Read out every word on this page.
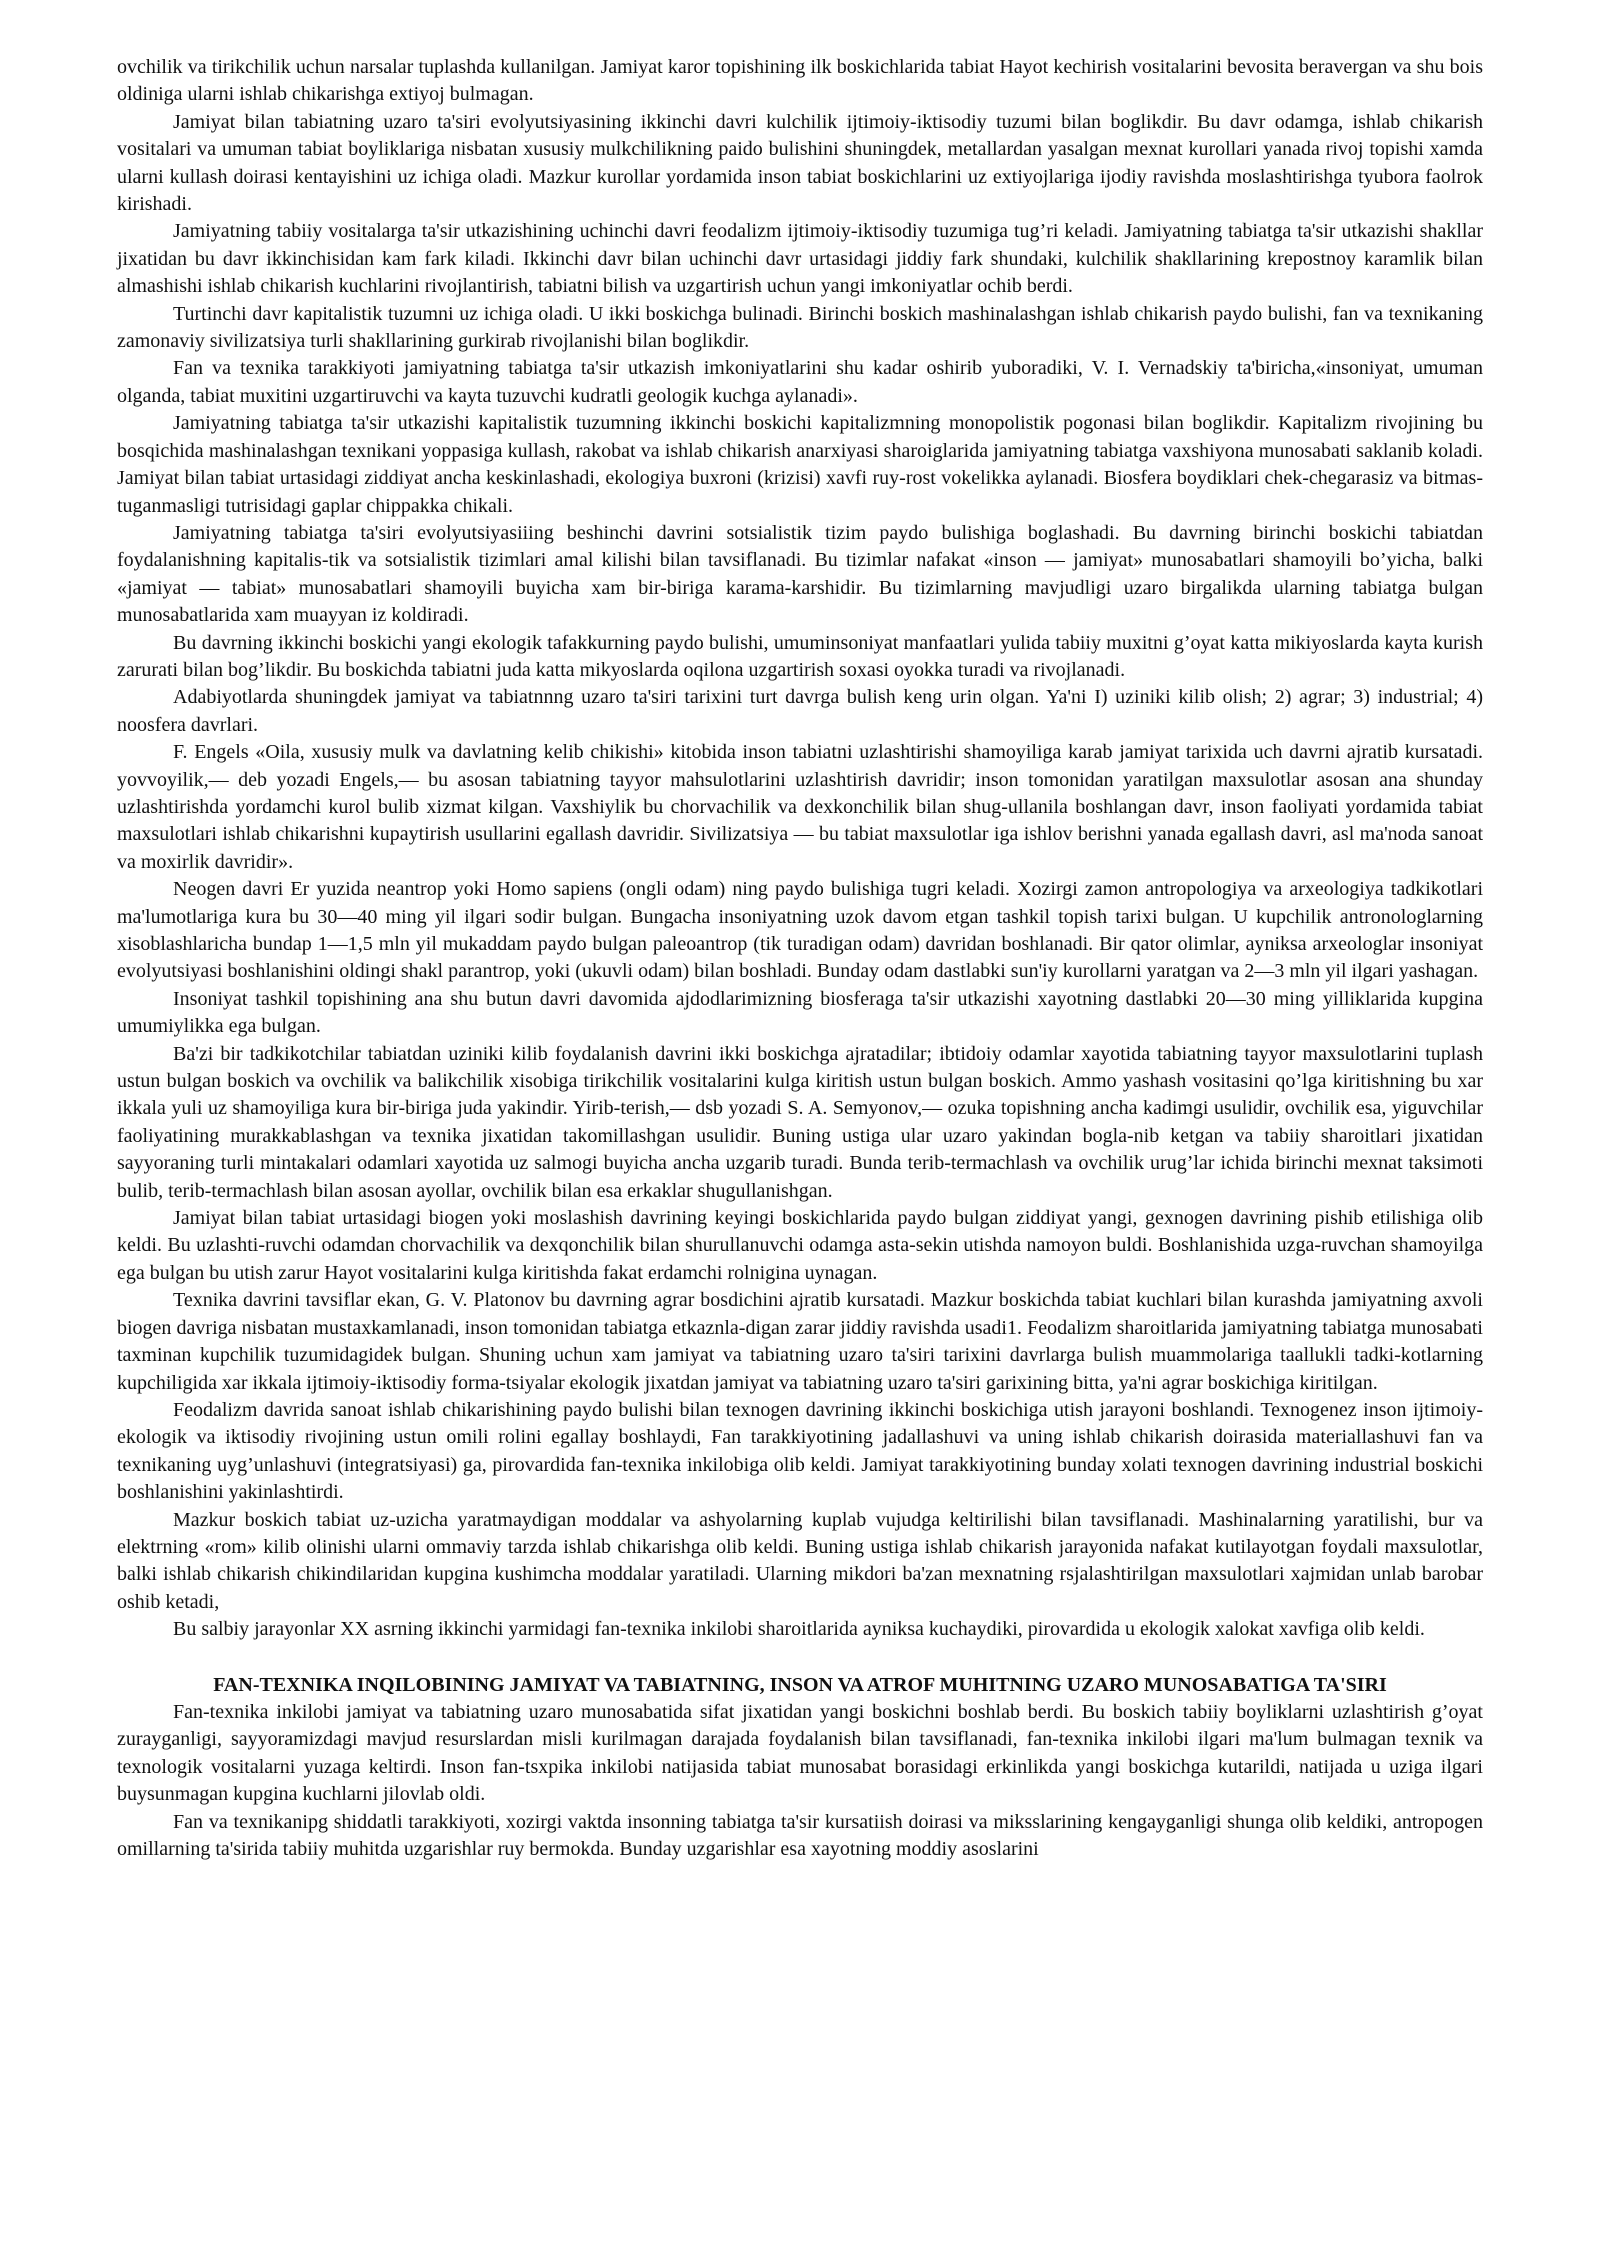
ovchilik va tirikchilik uchun narsalar tuplashda kullanilgan. Jamiyat karor topishining ilk boskichlarida tabiat Hayot kechirish vositalarini bevosita beravergan va shu bois oldiniga ularni ishlab chikarishga extiyoj bulmagan.

Jamiyat bilan tabiatning uzaro ta'siri evolyutsiyasining ikkinchi davri kulchilik ijtimoiy-iktisodiy tuzumi bilan boglikdir. Bu davr odamga, ishlab chikarish vositalari va umuman tabiat boyliklariga nisbatan xususiy mulkchilikning paido bulishini shuningdek, metallardan yasalgan mexnat kurollari yanada rivoj topishi xamda ularni kullash doirasi kentayishini uz ichiga oladi. Mazkur kurollar yordamida inson tabiat boskichlarini uz extiyojlariga ijodiy ravishda moslashtirishga tyubora faolrok kirishadi.

Jamiyatning tabiiy vositalarga ta'sir utkazishining uchinchi davri feodalizm ijtimoiy-iktisodiy tuzumiga tug’ri keladi. Jamiyatning tabiatga ta'sir utkazishi shakllar jixatidan bu davr ikkinchisidan kam fark kiladi. Ikkinchi davr bilan uchinchi davr urtasidagi jiddiy fark shundaki, kulchilik shakllarining krepostnoy karamlik bilan almashishi ishlab chikarish kuchlarini rivojlantirish, tabiatni bilish va uzgartirish uchun yangi imkoniyatlar ochib berdi.

Turtinchi davr kapitalistik tuzumni uz ichiga oladi. U ikki boskichga bulinadi. Birinchi boskich mashinalashgan ishlab chikarish paydo bulishi, fan va texnikaning zamonaviy sivilizatsiya turli shakllarining gurkirab rivojlanishi bilan boglikdir.

Fan va texnika tarakkiyoti jamiyatning tabiatga ta'sir utkazish imkoniyatlarini shu kadar oshirib yuboradiki, V. I. Vernadskiy ta'biricha,«insoniyat, umuman olganda, tabiat muxitini uzgartiruvchi va kayta tuzuvchi kudratli geologik kuchga aylanadi».

Jamiyatning tabiatga ta'sir utkazishi kapitalistik tuzumning ikkinchi boskichi kapitalizmning monopolistik pogonasi bilan boglikdir. Kapitalizm rivojining bu bosqichida mashinalashgan texnikani yoppasiga kullash, rakobat va ishlab chikarish anarxiyasi sharoiglarida jamiyatning tabiatga vaxshiyona munosabati saklanib koladi. Jamiyat bilan tabiat urtasidagi ziddiyat ancha keskinlashadi, ekologiya buxroni (krizisi) xavfi ruy-rost vokelikka aylanadi. Biosfera boydiklari chek-chegarasiz va bitmas-tuganmasligi tutrisidagi gaplar chippakka chikali.

Jamiyatning tabiatga ta'siri evolyutsiyasiiing beshinchi davrini sotsialistik tizim paydo bulishiga boglashadi. Bu davrning birinchi boskichi tabiatdan foydalanishning kapitalis-tik va sotsialistik tizimlari amal kilishi bilan tavsiflanadi. Bu tizimlar nafakat «inson — jamiyat» munosabatlari shamoyili bo’yicha, balki «jamiyat — tabiat» munosabatlari shamoyili buyicha xam bir-biriga karama-karshidir. Bu tizimlarning mavjudligi uzaro birgalikda ularning tabiatga bulgan munosabatlarida xam muayyan iz koldiradi.

Bu davrning ikkinchi boskichi yangi ekologik tafakkurning paydo bulishi, umuminsoniyat manfaatlari yulida tabiiy muxitni g’oyat katta mikiyoslarda kayta kurish zarurati bilan bog’likdir. Bu boskichda tabiatni juda katta mikyoslarda oqilona uzgartirish soxasi oyokka turadi va rivojlanadi.

Adabiyotlarda shuningdek jamiyat va tabiatnnng uzaro ta'siri tarixini turt davrga bulish keng urin olgan. Ya'ni I) uziniki kilib olish; 2) agrar; 3) industrial; 4) noosfera davrlari.

F. Engels «Oila, xususiy mulk va davlatning kelib chikishi» kitobida inson tabiatni uzlashtirishi shamoyiliga karab jamiyat tarixida uch davrni ajratib kursatadi. yovvoyilik,— deb yozadi Engels,— bu asosan tabiatning tayyor mahsulotlarini uzlashtirish davridir; inson tomonidan yaratilgan maxsulotlar asosan ana shunday uzlashtirishda yordamchi kurol bulib xizmat kilgan. Vaxshiylik bu chorvachilik va dexkonchilik bilan shug-ullanila boshlangan davr, inson faoliyati yordamida tabiat maxsulotlari ishlab chikarishni kupaytirish usullarini egallash davridir. Sivilizatsiya — bu tabiat maxsulotlar iga ishlov berishni yanada egallash davri, asl ma'noda sanoat va moxirlik davridir».

Neogen davri Er yuzida neantrop yoki Homo sapiens (ongli odam) ning paydo bulishiga tugri keladi. Xozirgi zamon antropologiya va arxeologiya tadkikotlari ma'lumotlariga kura bu 30—40 ming yil ilgari sodir bulgan. Bungacha insoniyatning uzok davom etgan tashkil topish tarixi bulgan. U kupchilik antronologlarning xisoblashlaricha bundap 1—1,5 mln yil mukaddam paydo bulgan paleoantrop (tik turadigan odam) davridan boshlanadi. Bir qator olimlar, ayniksa arxeologlar insoniyat evolyutsiyasi boshlanishini oldingi shakl parantrop, yoki (ukuvli odam) bilan boshladi. Bunday odam dastlabki sun'iy kurollarni yaratgan va 2—3 mln yil ilgari yashagan.

Insoniyat tashkil topishining ana shu butun davri davomida ajdodlarimizning biosferaga ta'sir utkazishi xayotning dastlabki 20—30 ming yilliklarida kupgina umumiylikka ega bulgan.

Ba'zi bir tadkikotchilar tabiatdan uziniki kilib foydalanish davrini ikki boskichga ajratadilar; ibtidoiy odamlar xayotida tabiatning tayyor maxsulotlarini tuplash ustun bulgan boskich va ovchilik va balikchilik xisobiga tirikchilik vositalarini kulga kiritish ustun bulgan boskich. Ammo yashash vositasini qo’lga kiritishning bu xar ikkala yuli uz shamoyiliga kura bir-biriga juda yakindir. Yirib-terish,— dsb yozadi S. A. Semyonov,— ozuka topishning ancha kadimgi usulidir, ovchilik esa, yiguvchilar faoliyatining murakkablashgan va texnika jixatidan takomillashgan usulidir. Buning ustiga ular uzaro yakindan bogla-nib ketgan va tabiiy sharoitlari jixatidan sayyoraning turli mintakalari odamlari xayotida uz salmogi buyicha ancha uzgarib turadi. Bunda terib-termachlash va ovchilik urug’lar ichida birinchi mexnat taksimoti bulib, terib-termachlash bilan asosan ayollar, ovchilik bilan esa erkaklar shugullanishgan.

Jamiyat bilan tabiat urtasidagi biogen yoki moslashish davrining keyingi boskichlarida paydo bulgan ziddiyat yangi, gexnogen davrining pishib etilishiga olib keldi. Bu uzlashti-ruvchi odamdan chorvachilik va dexqonchilik bilan shurullanuvchi odamga asta-sekin utishda namoyon buldi. Boshlanishida uzga-ruvchan shamoyilga ega bulgan bu utish zarur Hayot vositalarini kulga kiritishda fakat erdamchi rolnigina uynagan.

Texnika davrini tavsiflar ekan, G. V. Platonov bu davrning agrar bosdichini ajratib kursatadi. Mazkur boskichda tabiat kuchlari bilan kurashda jamiyatning axvoli biogen davriga nisbatan mustaxkamlanadi, inson tomonidan tabiatga etkaznla-digan zarar jiddiy ravishda usadi1. Feodalizm sharoitlarida jamiyatning tabiatga munosabati taxminan kupchilik tuzumidagidek bulgan. Shuning uchun xam jamiyat va tabiatning uzaro ta'siri tarixini davrlarga bulish muammolariga taallukli tadki-kotlarning kupchiligida xar ikkala ijtimoiy-iktisodiy forma-tsiyalar ekologik jixatdan jamiyat va tabiatning uzaro ta'siri garixining bitta, ya'ni agrar boskichiga kiritilgan.

Feodalizm davrida sanoat ishlab chikarishining paydo bulishi bilan texnogen davrining ikkinchi boskichiga utish jarayoni boshlandi. Texnogenez inson ijtimoiy-ekologik va iktisodiy rivojining ustun omili rolini egallay boshlaydi, Fan tarakkiyotining jadallashuvi va uning ishlab chikarish doirasida materiallashuvi fan va texnikaning uyg’unlashuvi (integratsiyasi) ga, pirovardida fan-texnika inkilobiga olib keldi. Jamiyat tarakkiyotining bunday xolati texnogen davrining industrial boskichi boshlanishini yakinlashtirdi.

Mazkur boskich tabiat uz-uzicha yaratmaydigan moddalar va ashyolarning kuplab vujudga keltirilishi bilan tavsiflanadi. Mashinalarning yaratilishi, bur va elektrning «rom» kilib olinishi ularni ommaviy tarzda ishlab chikarishga olib keldi. Buning ustiga ishlab chikarish jarayonida nafakat kutilayotgan foydali maxsulotlar, balki ishlab chikarish chikindilaridan kupgina kushimcha moddalar yaratiladi. Ularning mikdori ba'zan mexnatning rsjalashtirilgan maxsulotlari xajmidan unlab barobar oshib ketadi,

Bu salbiy jarayonlar XX asrning ikkinchi yarmidagi fan-texnika inkilobi sharoitlarida ayniksa kuchaydiki, pirovardida u ekologik xalokat xavfiga olib keldi.

FAN-TEXNIKA INQILOBINING JAMIYAT VA TABIATNING, INSON VA ATROF MUHITNING UZARO MUNOSABATIGA TA'SIRI

Fan-texnika inkilobi jamiyat va tabiatning uzaro munosabatida sifat jixatidan yangi boskichni boshlab berdi. Bu boskich tabiiy boyliklarni uzlashtirish g’oyat zurayganligi, sayyoramizdagi mavjud resurslardan misli kurilmagan darajada foydalanish bilan tavsiflanadi, fan-texnika inkilobi ilgari ma'lum bulmagan texnik va texnologik vositalarni yuzaga keltirdi. Inson fan-tsxpika inkilobi natijasida tabiat munosabat borasidagi erkinlikda yangi boskichga kutarildi, natijada u uziga ilgari buysunmagan kupgina kuchlarni jilovlab oldi.

Fan va texnikanipg shiddatli tarakkiyoti, xozirgi vaktda insonning tabiatga ta'sir kursatiish doirasi va miksslarining kengayganligi shunga olib keldiki, antropogen omillarning ta'sirida tabiiy muhitda uzgarishlar ruy bermokda. Bunday uzgarishlar esa xayotning moddiy asoslarini
